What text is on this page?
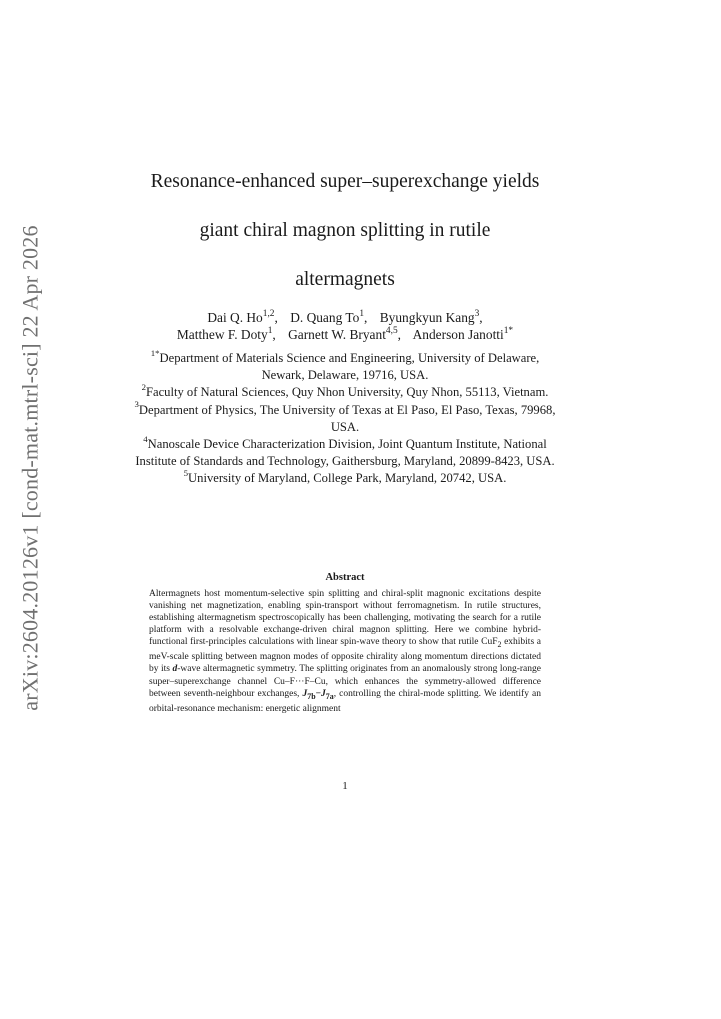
arXiv:2604.20126v1 [cond-mat.mtrl-sci] 22 Apr 2026
Resonance-enhanced super–superexchange yields
giant chiral magnon splitting in rutile
altermagnets
Dai Q. Ho$^{1,2}$, D. Quang To$^1$, Byungkyun Kang$^3$,
Matthew F. Doty$^1$, Garnett W. Bryant$^{4,5}$, Anderson Janotti$^{1*}$
$^{1*}$Department of Materials Science and Engineering, University of Delaware, Newark, Delaware, 19716, USA.
$^2$Faculty of Natural Sciences, Quy Nhon University, Quy Nhon, 55113, Vietnam.
$^3$Department of Physics, The University of Texas at El Paso, El Paso, Texas, 79968, USA.
$^4$Nanoscale Device Characterization Division, Joint Quantum Institute, National Institute of Standards and Technology, Gaithersburg, Maryland, 20899-8423, USA.
$^5$University of Maryland, College Park, Maryland, 20742, USA.
Abstract

Altermagnets host momentum-selective spin splitting and chiral-split magnonic excitations despite vanishing net magnetization, enabling spin-transport without ferromagnetism. In rutile structures, establishing altermagnetism spectroscopically has been challenging, motivating the search for a rutile platform with a resolvable exchange-driven chiral magnon splitting. Here we combine hybrid-functional first-principles calculations with linear spin-wave theory to show that rutile CuF$_2$ exhibits a meV-scale splitting between magnon modes of opposite chirality along momentum directions dictated by its d-wave altermagnetic symmetry. The splitting originates from an anomalously strong long-range super–superexchange channel Cu–F···F–Cu, which enhances the symmetry-allowed difference between seventh-neighbour exchanges, $J_{7b}-J_{7a}$, controlling the chiral-mode splitting. We identify an orbital-resonance mechanism: energetic alignment

1
